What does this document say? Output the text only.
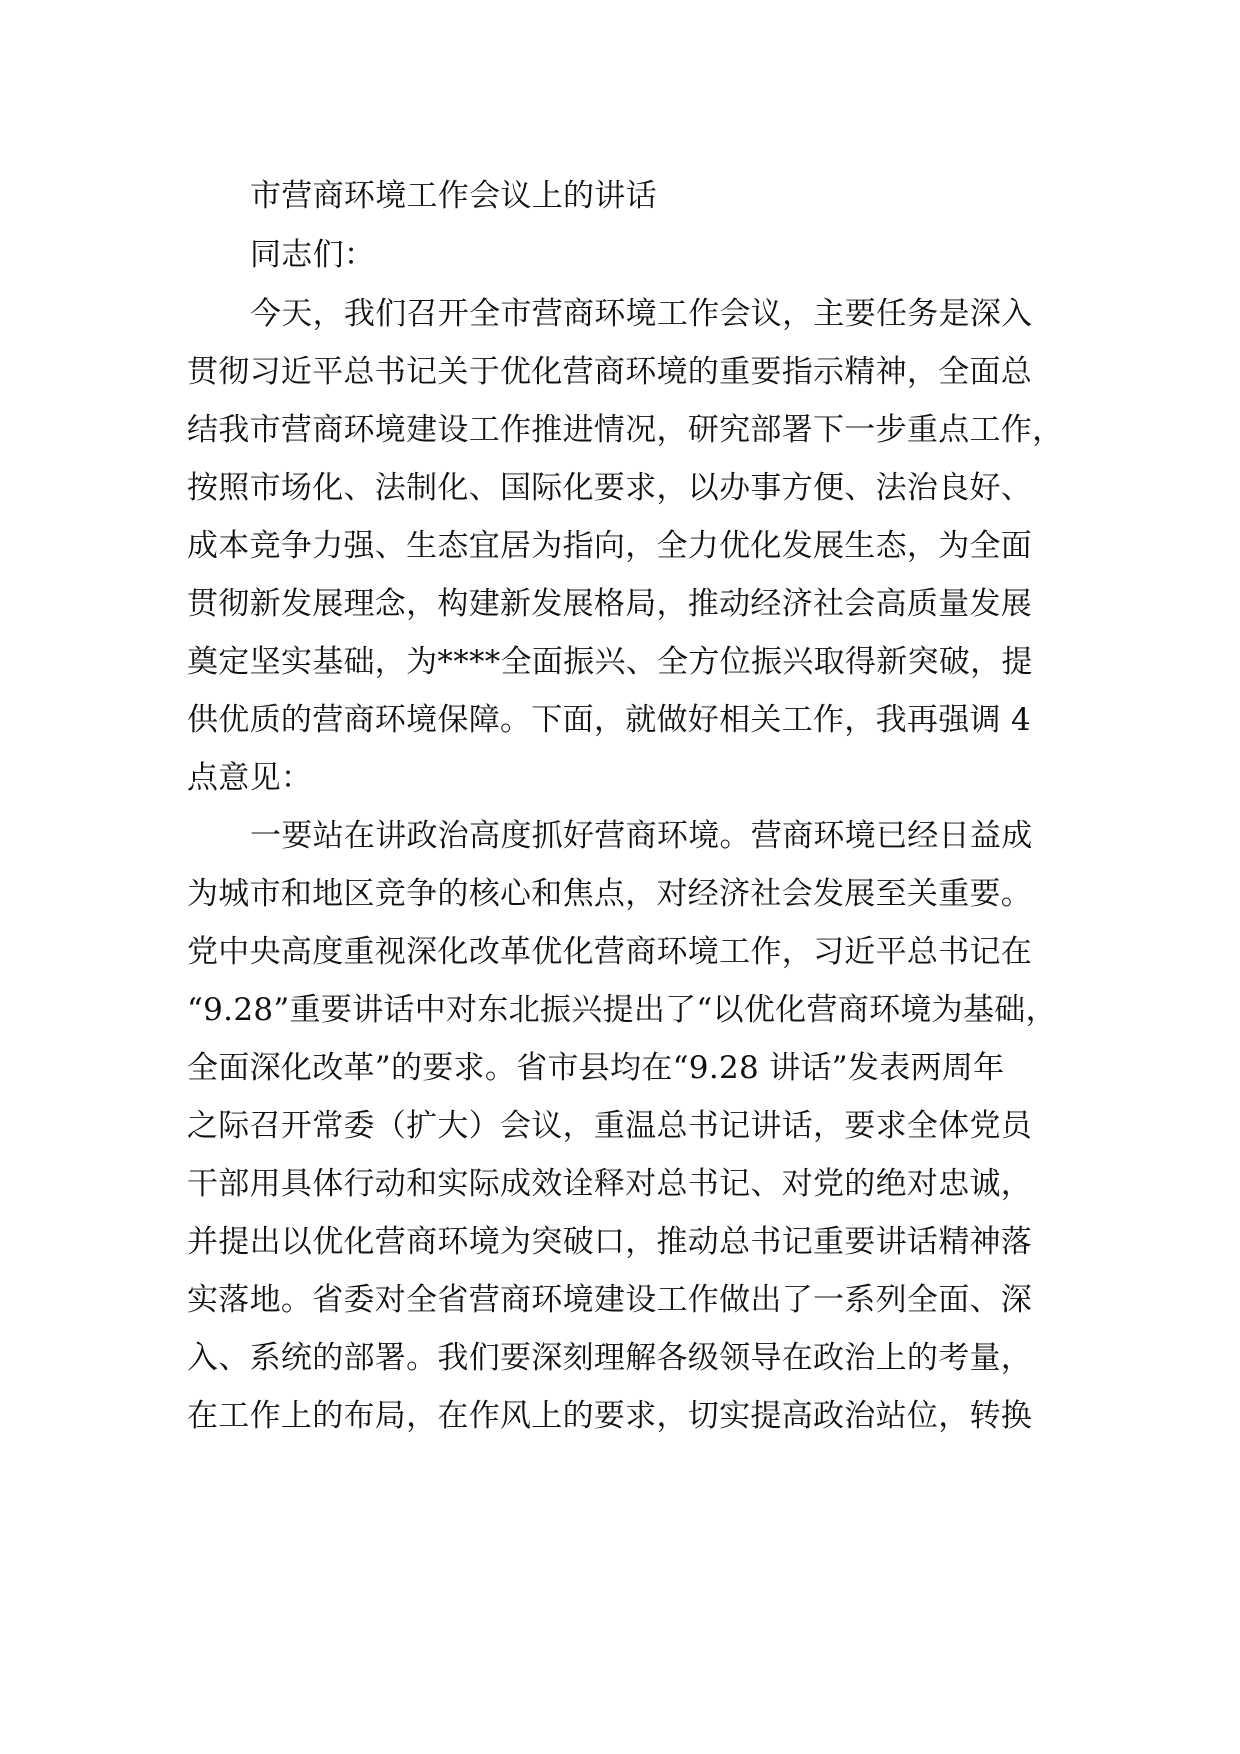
市营商环境工作会议上的讲话
同志们：
今天，我们召开全市营商环境工作会议，主要任务是深入
贯彻习近平总书记关于优化营商环境的重要指示精神，全面总
结我市营商环境建设工作推进情况，研究部署下一步重点工作，
按照市场化、法制化、国际化要求，以办事方便、法治良好、
成本竞争力强、生态宜居为指向，全力优化发展生态，为全面
贯彻新发展理念，构建新发展格局，推动经济社会高质量发展
奠定坚实基础，为****全面振兴、全方位振兴取得新突破，提
供优质的营商环境保障。下面，就做好相关工作，我再强调 4
点意见：
一要站在讲政治高度抓好营商环境。营商环境已经日益成
为城市和地区竞争的核心和焦点，对经济社会发展至关重要。
党中央高度重视深化改革优化营商环境工作，习近平总书记在
“9.28”重要讲话中对东北振兴提出了“以优化营商环境为基础，
全面深化改革”的要求。省市县均在“9.28 讲话”发表两周年
之际召开常委（扩大）会议，重温总书记讲话，要求全体党员
干部用具体行动和实际成效诠释对总书记、对党的绝对忠诚，
并提出以优化营商环境为突破口，推动总书记重要讲话精神落
实落地。省委对全省营商环境建设工作做出了一系列全面、深
入、系统的部署。我们要深刻理解各级领导在政治上的考量，
在工作上的布局，在作风上的要求，切实提高政治站位，转换
